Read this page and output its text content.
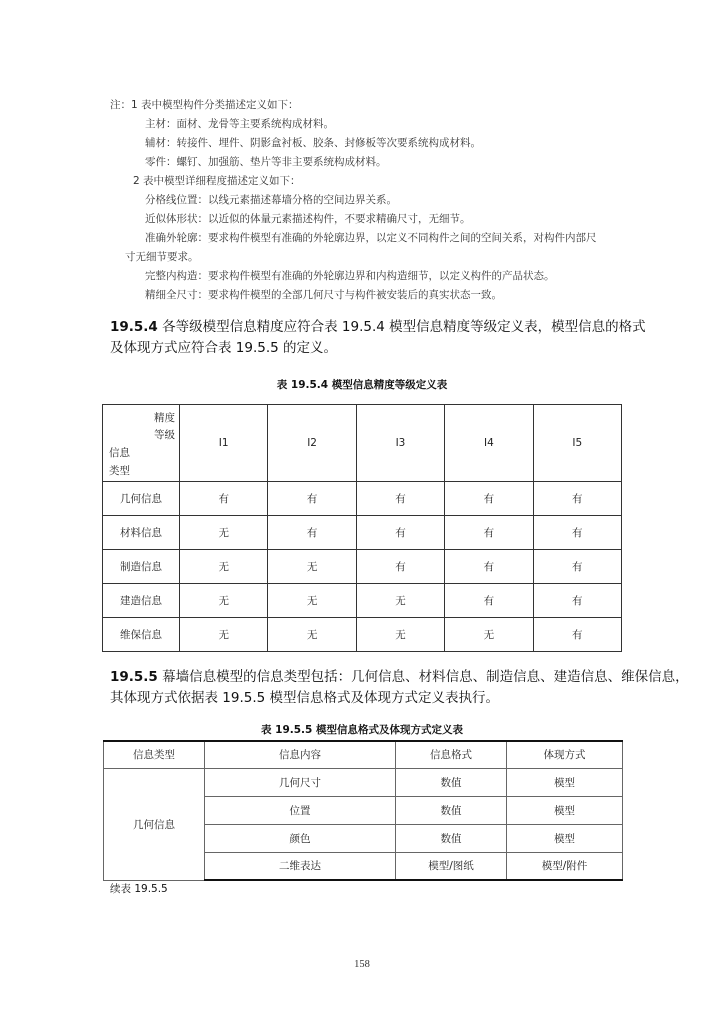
注：1 表中模型构件分类描述定义如下：
主材：面材、龙骨等主要系统构成材料。
辅材：转接件、埋件、阴影盒衬板、胶条、封修板等次要系统构成材料。
零件：螺钉、加强筋、垫片等非主要系统构成材料。
2 表中模型详细程度描述定义如下：
分格线位置：以线元素描述幕墙分格的空间边界关系。
近似体形状：以近似的体量元素描述构件，不要求精确尺寸，无细节。
准确外轮廓：要求构件模型有准确的外轮廓边界，以定义不同构件之间的空间关系，对构件内部尺
寸无细节要求。
完整内构造：要求构件模型有准确的外轮廓边界和内构造细节，以定义构件的产品状态。
精细全尺寸：要求构件模型的全部几何尺寸与构件被安装后的真实状态一致。
19.5.4 各等级模型信息精度应符合表 19.5.4 模型信息精度等级定义表，模型信息的格式
及体现方式应符合表 19.5.5 的定义。
表 19.5.4 模型信息精度等级定义表
精度
等级
信息
类型	I1	I2	I3	I4	I5
几何信息	有	有	有	有	有
材料信息	无	有	有	有	有
制造信息	无	无	有	有	有
建造信息	无	无	无	有	有
维保信息	无	无	无	无	有
19.5.5 幕墙信息模型的信息类型包括：几何信息、材料信息、制造信息、建造信息、维保信息，
其体现方式依据表 19.5.5 模型信息格式及体现方式定义表执行。
表 19.5.5 模型信息格式及体现方式定义表
信息类型	信息内容	信息格式	体现方式
几何信息	几何尺寸	数值	模型
	位置	数值	模型
	颜色	数值	模型
	二维表达	模型/图纸	模型/附件
续表 19.5.5
158
